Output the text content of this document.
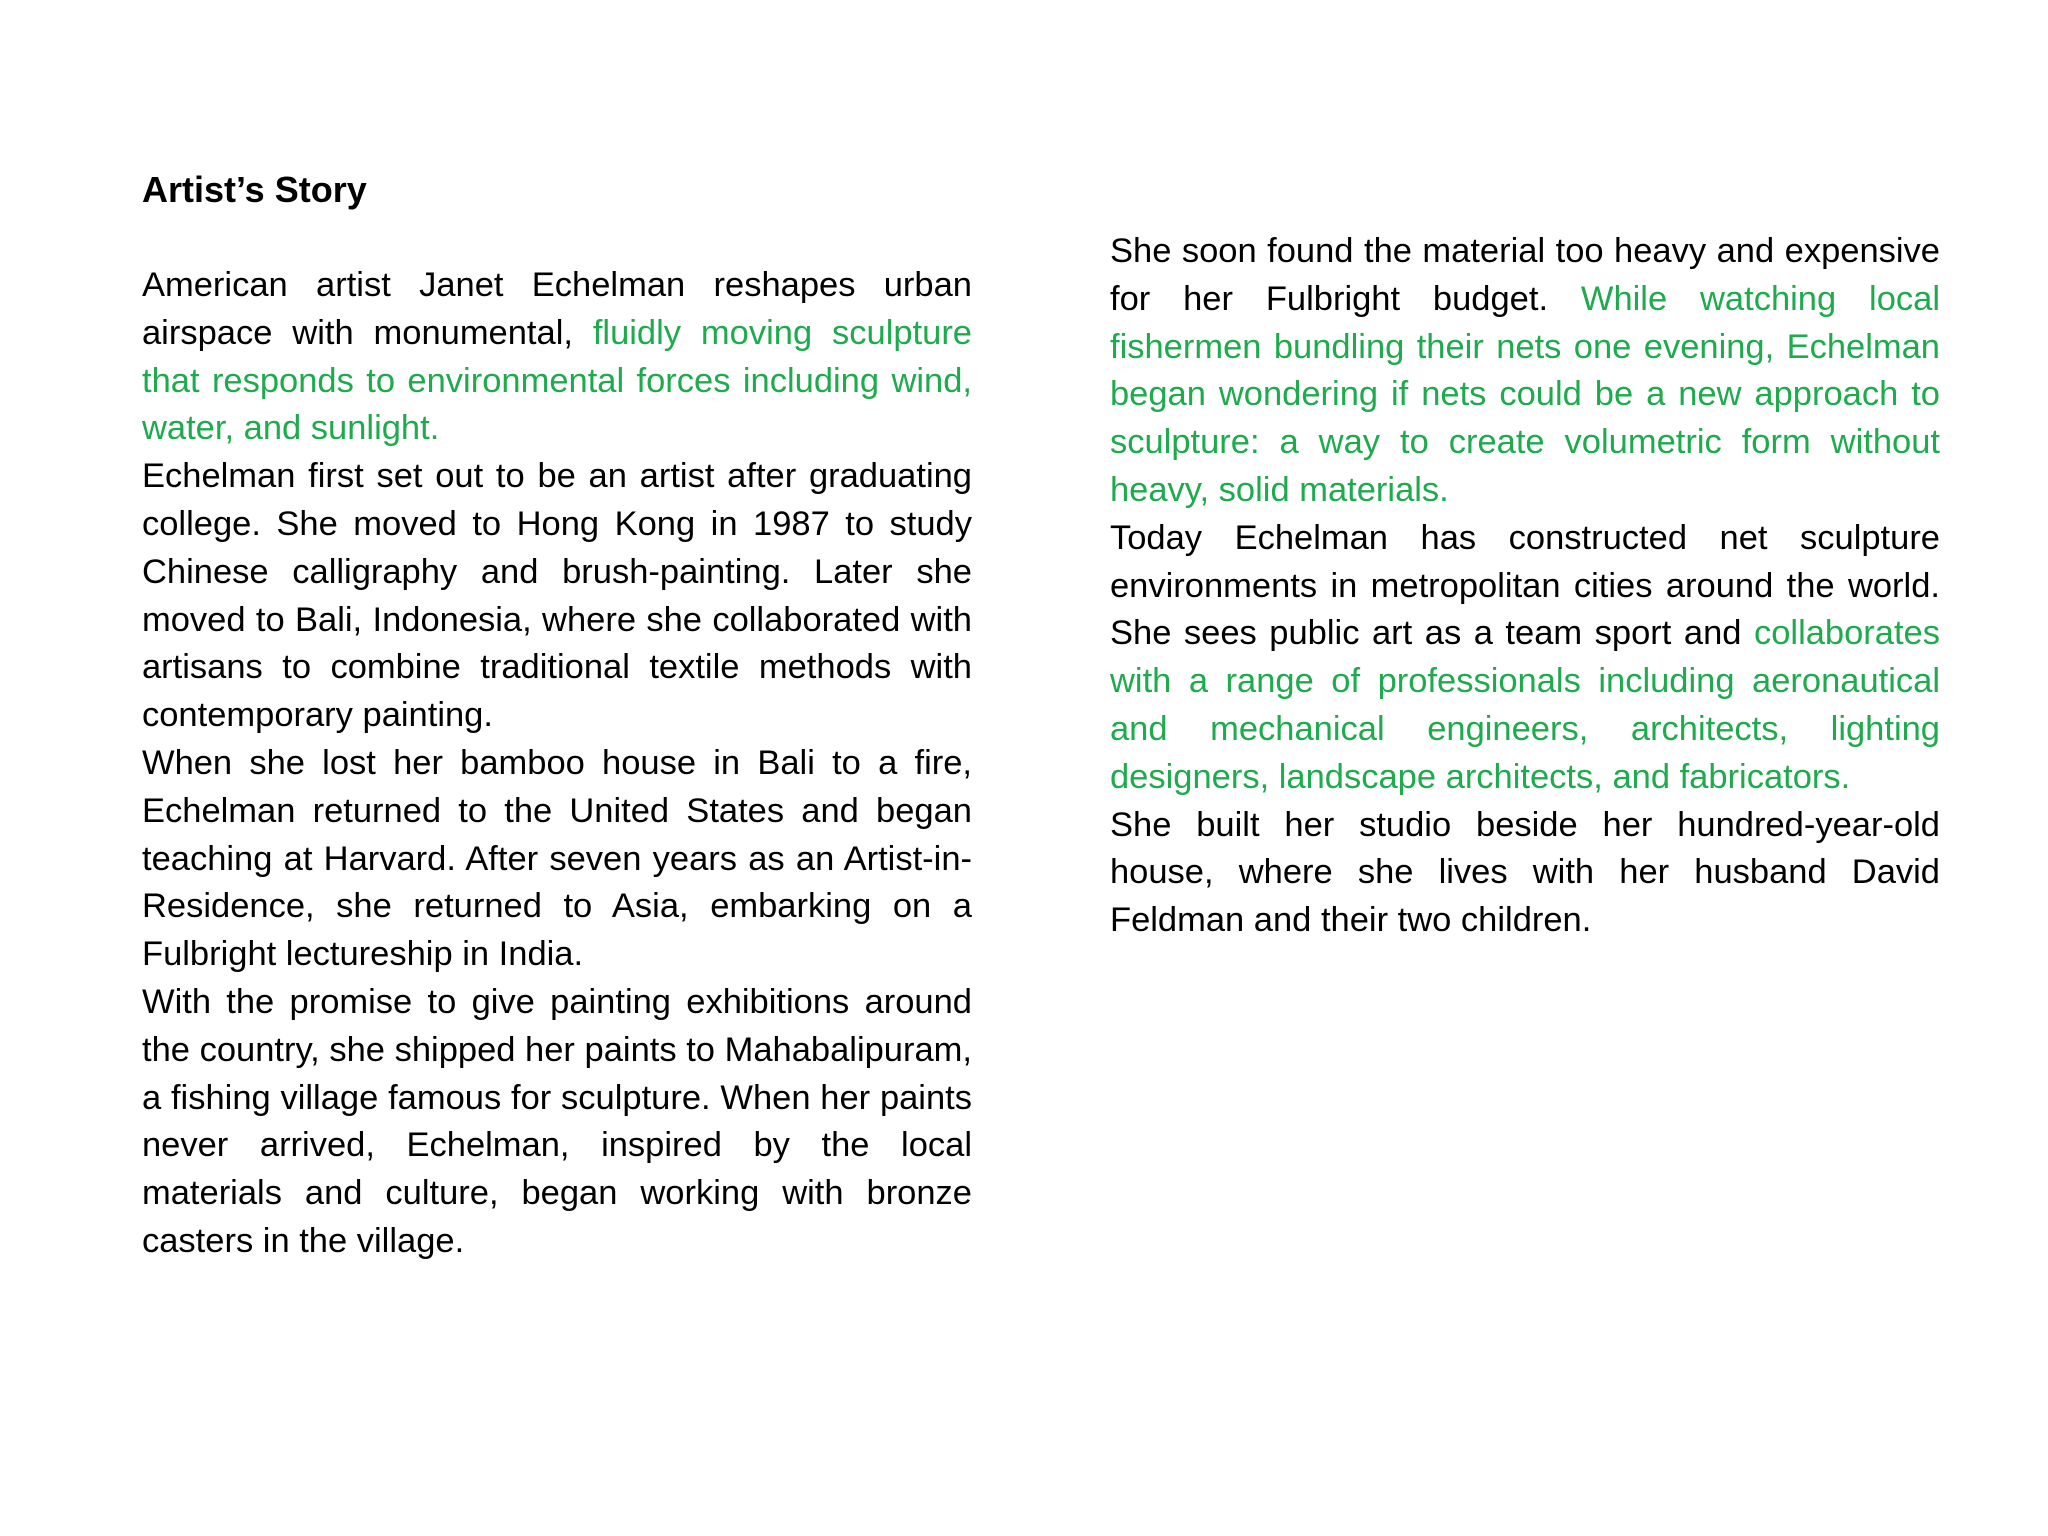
Artist’s Story

American artist Janet Echelman reshapes urban airspace with monumental, fluidly moving sculpture that responds to environmental forces including wind, water, and sunlight.

Echelman first set out to be an artist after graduating college. She moved to Hong Kong in 1987 to study Chinese calligraphy and brush-painting. Later she moved to Bali, Indonesia, where she collaborated with artisans to combine traditional textile methods with contemporary painting.

When she lost her bamboo house in Bali to a fire, Echelman returned to the United States and began teaching at Harvard. After seven years as an Artist-in-Residence, she returned to Asia, embarking on a Fulbright lectureship in India.

With the promise to give painting exhibitions around the country, she shipped her paints to Mahabalipuram, a fishing village famous for sculpture. When her paints never arrived, Echelman, inspired by the local materials and culture, began working with bronze casters in the village.

She soon found the material too heavy and expensive for her Fulbright budget. While watching local fishermen bundling their nets one evening, Echelman began wondering if nets could be a new approach to sculpture: a way to create volumetric form without heavy, solid materials.

Today Echelman has constructed net sculpture environments in metropolitan cities around the world. She sees public art as a team sport and collaborates with a range of professionals including aeronautical and mechanical engineers, architects, lighting designers, landscape architects, and fabricators.

She built her studio beside her hundred-year-old house, where she lives with her husband David Feldman and their two children.
